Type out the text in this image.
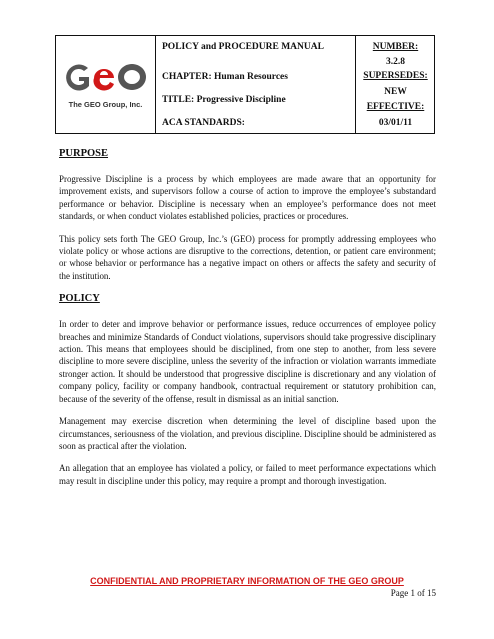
The GEO Group, Inc.
POLICY and PROCEDURE MANUAL
CHAPTER: Human Resources
TITLE: Progressive Discipline
ACA STANDARDS:
NUMBER:
3.2.8
SUPERSEDES:
NEW
EFFECTIVE:
03/01/11

PURPOSE

Progressive Discipline is a process by which employees are made aware that an opportunity for improvement exists, and supervisors follow a course of action to improve the employee’s substandard performance or behavior. Discipline is necessary when an employee’s performance does not meet standards, or when conduct violates established policies, practices or procedures.

This policy sets forth The GEO Group, Inc.’s (GEO) process for promptly addressing employees who violate policy or whose actions are disruptive to the corrections, detention, or patient care environment; or whose behavior or performance has a negative impact on others or affects the safety and security of the institution.

POLICY

In order to deter and improve behavior or performance issues, reduce occurrences of employee policy breaches and minimize Standards of Conduct violations, supervisors should take progressive disciplinary action. This means that employees should be disciplined, from one step to another, from less severe discipline to more severe discipline, unless the severity of the infraction or violation warrants immediate stronger action. It should be understood that progressive discipline is discretionary and any violation of company policy, facility or company handbook, contractual requirement or statutory prohibition can, because of the severity of the offense, result in dismissal as an initial sanction.

Management may exercise discretion when determining the level of discipline based upon the circumstances, seriousness of the violation, and previous discipline. Discipline should be administered as soon as practical after the violation.

An allegation that an employee has violated a policy, or failed to meet performance expectations which may result in discipline under this policy, may require a prompt and thorough investigation.

CONFIDENTIAL AND PROPRIETARY INFORMATION OF THE GEO GROUP
Page 1 of 15
